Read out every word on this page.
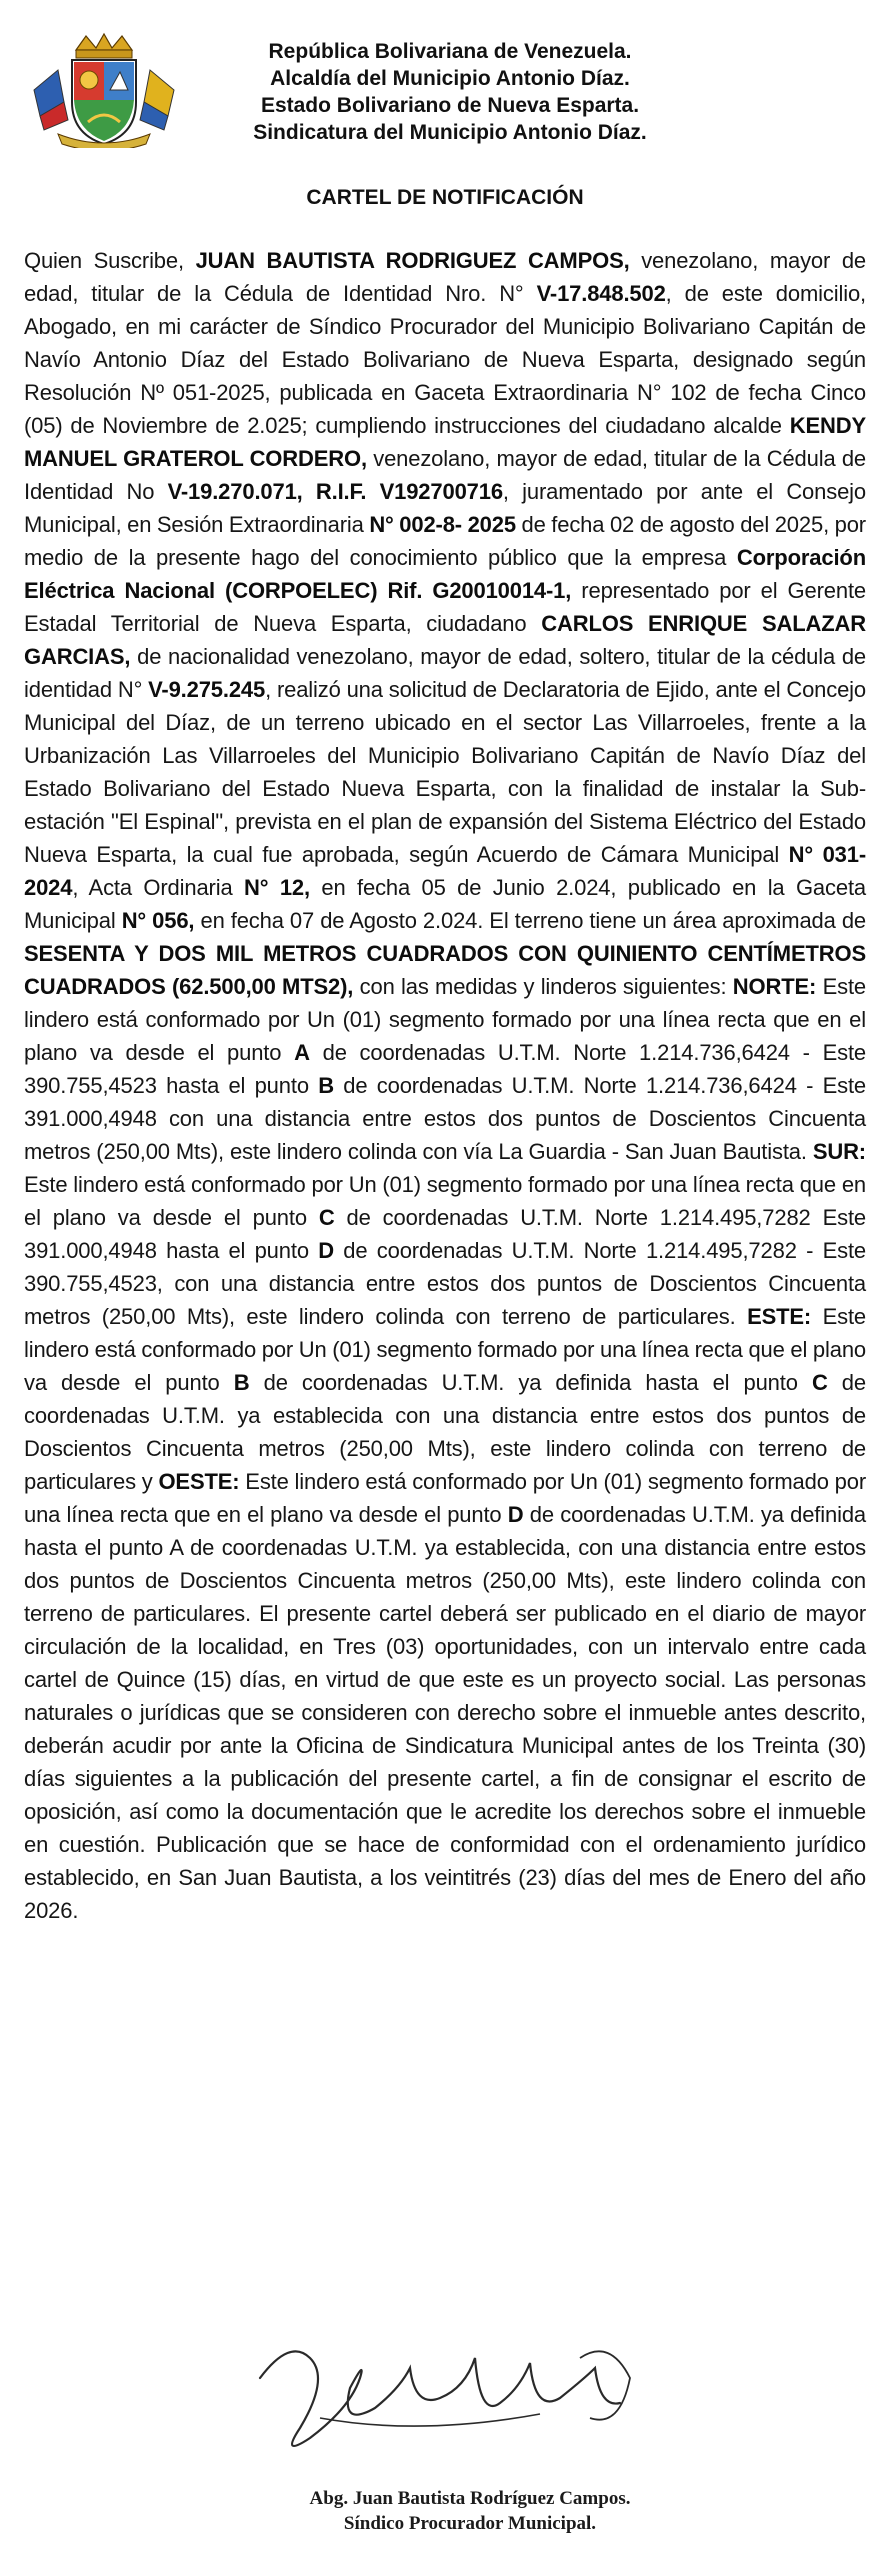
República Bolivariana de Venezuela.
Alcaldía del Municipio Antonio Díaz.
Estado Bolivariano de Nueva Esparta.
Sindicatura del Municipio Antonio Díaz.
CARTEL DE NOTIFICACIÓN
Quien Suscribe, JUAN BAUTISTA RODRIGUEZ CAMPOS, venezolano, mayor de edad, titular de la Cédula de Identidad Nro. N° V-17.848.502, de este domicilio, Abogado, en mi carácter de Síndico Procurador del Municipio Bolivariano Capitán de Navío Antonio Díaz del Estado Bolivariano de Nueva Esparta, designado según Resolución Nº 051-2025, publicada en Gaceta Extraordinaria N° 102 de fecha Cinco (05) de Noviembre de 2.025; cumpliendo instrucciones del ciudadano alcalde KENDY MANUEL GRATEROL CORDERO, venezolano, mayor de edad, titular de la Cédula de Identidad No V-19.270.071, R.I.F. V192700716, juramentado por ante el Consejo Municipal, en Sesión Extraordinaria N° 002-8- 2025 de fecha 02 de agosto del 2025, por medio de la presente hago del conocimiento público que la empresa Corporación Eléctrica Nacional (CORPOELEC) Rif. G20010014-1, representado por el Gerente Estadal Territorial de Nueva Esparta, ciudadano CARLOS ENRIQUE SALAZAR GARCIAS, de nacionalidad venezolano, mayor de edad, soltero, titular de la cédula de identidad N° V-9.275.245, realizó una solicitud de Declaratoria de Ejido, ante el Concejo Municipal del Díaz, de un terreno ubicado en el sector Las Villarroeles, frente a la Urbanización Las Villarroeles del Municipio Bolivariano Capitán de Navío Díaz del Estado Bolivariano del Estado Nueva Esparta, con la finalidad de instalar la Sub-estación "El Espinal", prevista en el plan de expansión del Sistema Eléctrico del Estado Nueva Esparta, la cual fue aprobada, según Acuerdo de Cámara Municipal N° 031-2024, Acta Ordinaria N° 12, en fecha 05 de Junio 2.024, publicado en la Gaceta Municipal N° 056, en fecha 07 de Agosto 2.024. El terreno tiene un área aproximada de SESENTA Y DOS MIL METROS CUADRADOS CON QUINIENTO CENTÍMETROS CUADRADOS (62.500,00 MTS2), con las medidas y linderos siguientes: NORTE: Este lindero está conformado por Un (01) segmento formado por una línea recta que en el plano va desde el punto A de coordenadas U.T.M. Norte 1.214.736,6424 - Este 390.755,4523 hasta el punto B de coordenadas U.T.M. Norte 1.214.736,6424 - Este 391.000,4948 con una distancia entre estos dos puntos de Doscientos Cincuenta metros (250,00 Mts), este lindero colinda con vía La Guardia - San Juan Bautista. SUR: Este lindero está conformado por Un (01) segmento formado por una línea recta que en el plano va desde el punto C de coordenadas U.T.M. Norte 1.214.495,7282 Este 391.000,4948 hasta el punto D de coordenadas U.T.M. Norte 1.214.495,7282 - Este 390.755,4523, con una distancia entre estos dos puntos de Doscientos Cincuenta metros (250,00 Mts), este lindero colinda con terreno de particulares. ESTE: Este lindero está conformado por Un (01) segmento formado por una línea recta que el plano va desde el punto B de coordenadas U.T.M. ya definida hasta el punto C de coordenadas U.T.M. ya establecida con una distancia entre estos dos puntos de Doscientos Cincuenta metros (250,00 Mts), este lindero colinda con terreno de particulares y OESTE: Este lindero está conformado por Un (01) segmento formado por una línea recta que en el plano va desde el punto D de coordenadas U.T.M. ya definida hasta el punto A de coordenadas U.T.M. ya establecida, con una distancia entre estos dos puntos de Doscientos Cincuenta metros (250,00 Mts), este lindero colinda con terreno de particulares. El presente cartel deberá ser publicado en el diario de mayor circulación de la localidad, en Tres (03) oportunidades, con un intervalo entre cada cartel de Quince (15) días, en virtud de que este es un proyecto social. Las personas naturales o jurídicas que se consideren con derecho sobre el inmueble antes descrito, deberán acudir por ante la Oficina de Sindicatura Municipal antes de los Treinta (30) días siguientes a la publicación del presente cartel, a fin de consignar el escrito de oposición, así como la documentación que le acredite los derechos sobre el inmueble en cuestión. Publicación que se hace de conformidad con el ordenamiento jurídico establecido, en San Juan Bautista, a los veintitrés (23) días del mes de Enero del año 2026.
Abg. Juan Bautista Rodríguez Campos.
Síndico Procurador Municipal.
